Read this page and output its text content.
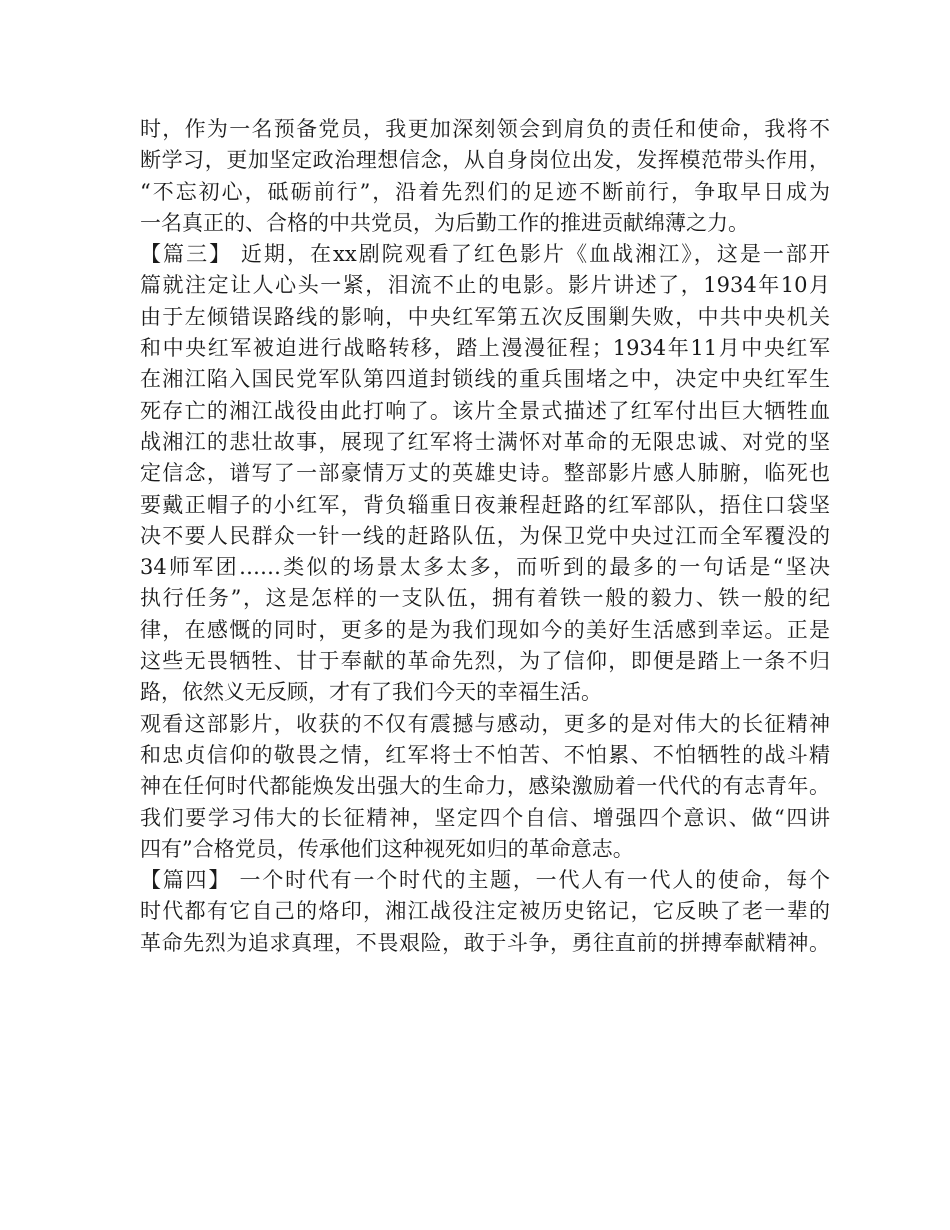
时，作为一名预备党员，我更加深刻领会到肩负的责任和使命，我将不
断学习，更加坚定政治理想信念，从自身岗位出发，发挥模范带头作用，
“不忘初心，砥砺前行”，沿着先烈们的足迹不断前行，争取早日成为
一名真正的、合格的中共党员，为后勤工作的推进贡献绵薄之力。
【篇三】 近期，在xx剧院观看了红色影片《血战湘江》，这是一部开
篇就注定让人心头一紧，泪流不止的电影。影片讲述了，1934年10月
由于左倾错误路线的影响，中央红军第五次反围剿失败，中共中央机关
和中央红军被迫进行战略转移，踏上漫漫征程；1934年11月中央红军
在湘江陷入国民党军队第四道封锁线的重兵围堵之中，决定中央红军生
死存亡的湘江战役由此打响了。该片全景式描述了红军付出巨大牺牲血
战湘江的悲壮故事，展现了红军将士满怀对革命的无限忠诚、对党的坚
定信念，谱写了一部豪情万丈的英雄史诗。整部影片感人肺腑，临死也
要戴正帽子的小红军，背负辎重日夜兼程赶路的红军部队，捂住口袋坚
决不要人民群众一针一线的赶路队伍，为保卫党中央过江而全军覆没的
34师军团……类似的场景太多太多，而听到的最多的一句话是“坚决
执行任务”，这是怎样的一支队伍，拥有着铁一般的毅力、铁一般的纪
律，在感慨的同时，更多的是为我们现如今的美好生活感到幸运。正是
这些无畏牺牲、甘于奉献的革命先烈，为了信仰，即便是踏上一条不归
路，依然义无反顾，才有了我们今天的幸福生活。
观看这部影片，收获的不仅有震撼与感动，更多的是对伟大的长征精神
和忠贞信仰的敬畏之情，红军将士不怕苦、不怕累、不怕牺牲的战斗精
神在任何时代都能焕发出强大的生命力，感染激励着一代代的有志青年。
我们要学习伟大的长征精神，坚定四个自信、增强四个意识、做“四讲
四有”合格党员，传承他们这种视死如归的革命意志。
【篇四】 一个时代有一个时代的主题，一代人有一代人的使命，每个
时代都有它自己的烙印，湘江战役注定被历史铭记，它反映了老一辈的
革命先烈为追求真理，不畏艰险，敢于斗争，勇往直前的拼搏奉献精神。
